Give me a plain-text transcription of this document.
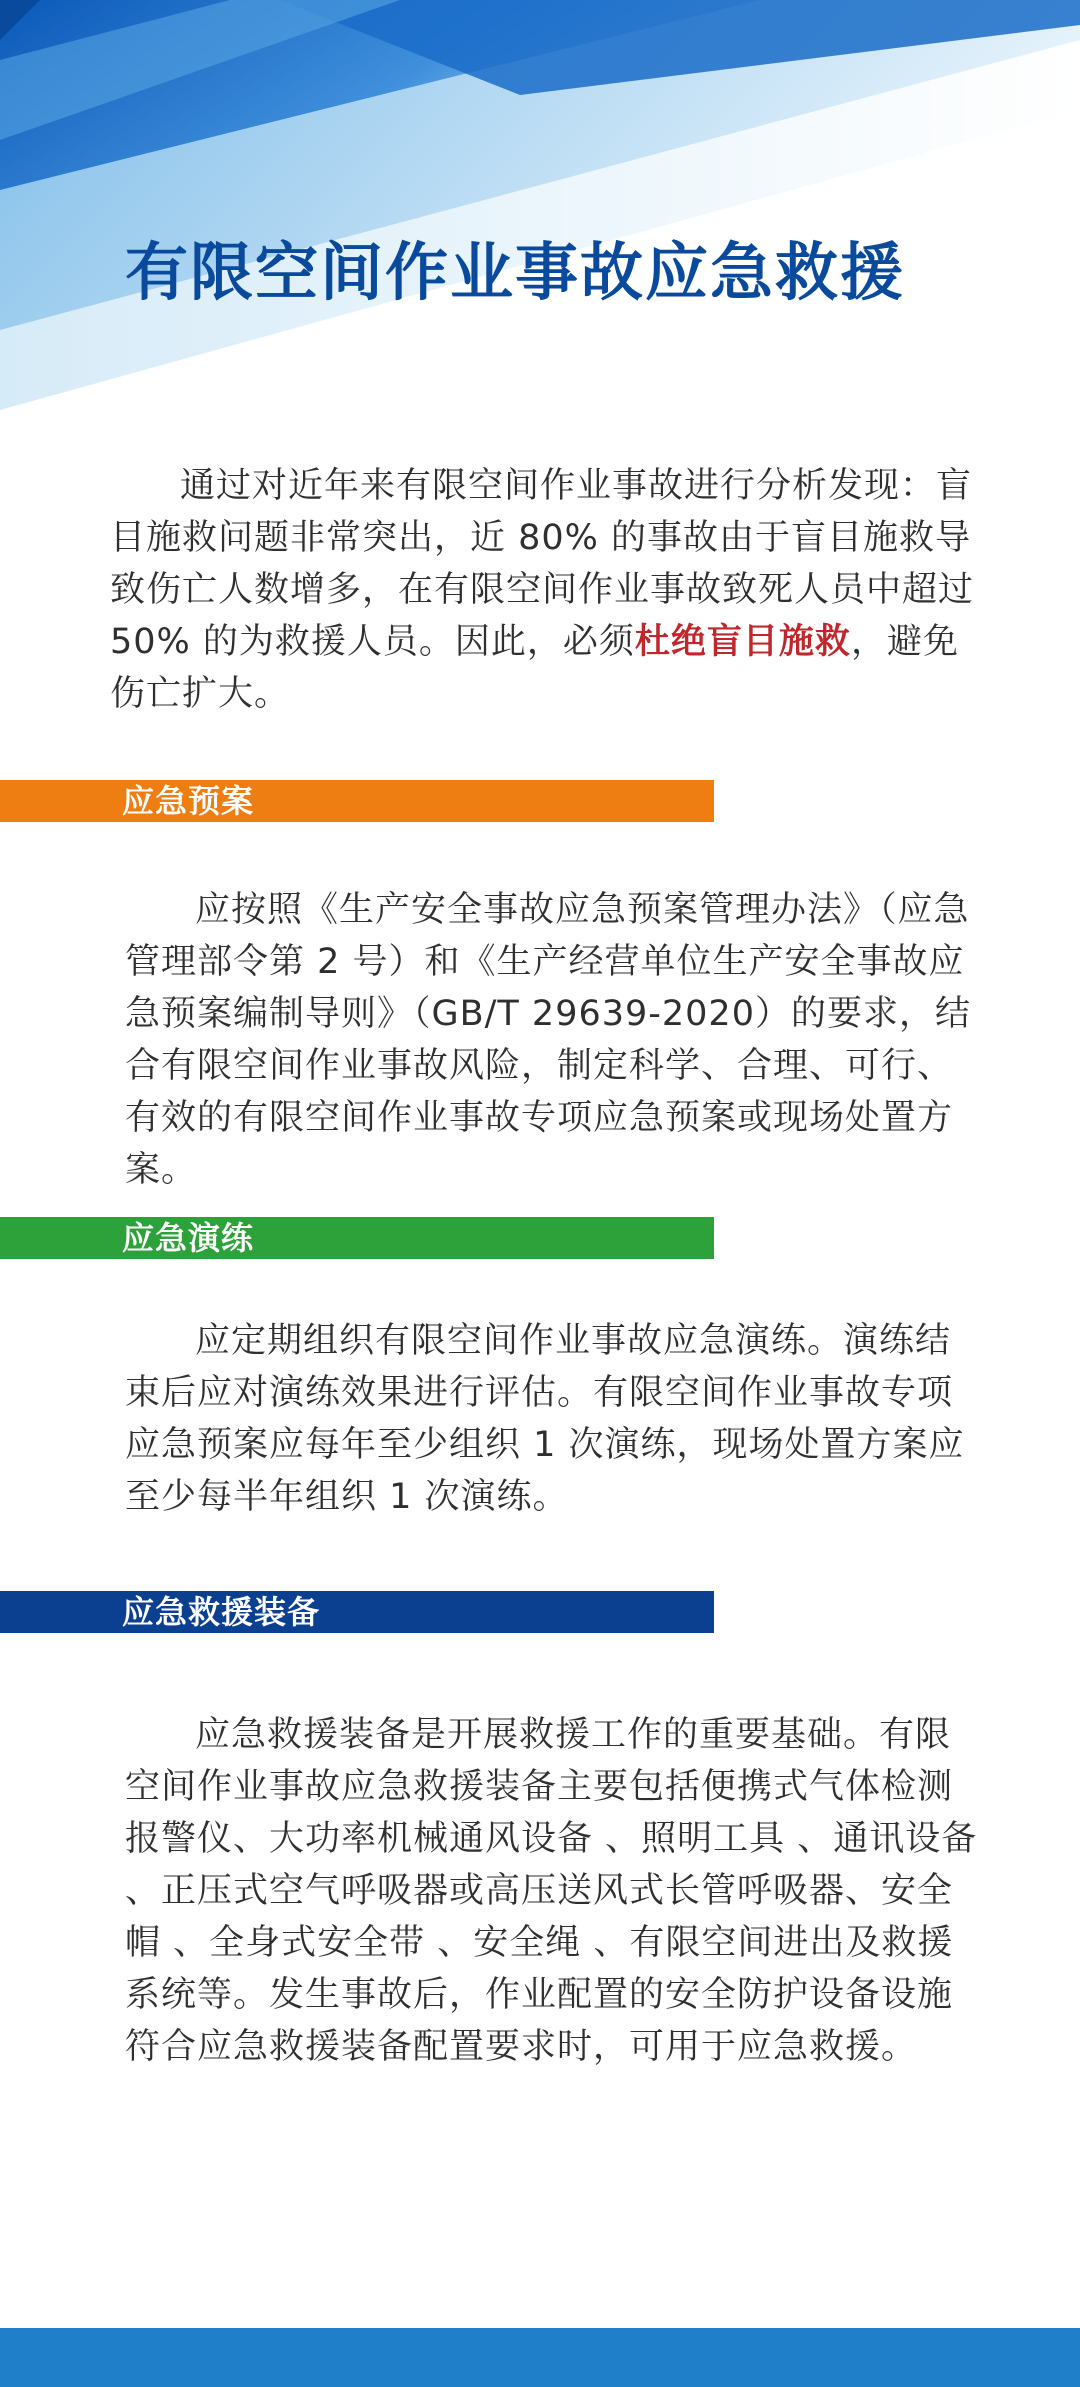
有限空间作业事故应急救援
通过对近年来有限空间作业事故进行分析发现：盲目施救问题非常突出，近 80% 的事故由于盲目施救导致伤亡人数增多，在有限空间作业事故致死人员中超过 50% 的为救援人员。因此，必须杜绝盲目施救，避免伤亡扩大。
应急预案
应按照《生产安全事故应急预案管理办法》（应急管理部令第 2 号）和《生产经营单位生产安全事故应急预案编制导则》（GB/T 29639-2020）的要求，结合有限空间作业事故风险，制定科学、合理、可行、有效的有限空间作业事故专项应急预案或现场处置方案。
应急演练
应定期组织有限空间作业事故应急演练。演练结束后应对演练效果进行评估。有限空间作业事故专项应急预案应每年至少组织 1 次演练，现场处置方案应至少每半年组织 1 次演练。
应急救援装备
应急救援装备是开展救援工作的重要基础。有限空间作业事故应急救援装备主要包括便携式气体检测报警仪、大功率机械通风设备 、照明工具 、通讯设备 、正压式空气呼吸器或高压送风式长管呼吸器、安全帽 、全身式安全带 、安全绳 、有限空间进出及救援系统等。发生事故后，作业配置的安全防护设备设施符合应急救援装备配置要求时，可用于应急救援。
